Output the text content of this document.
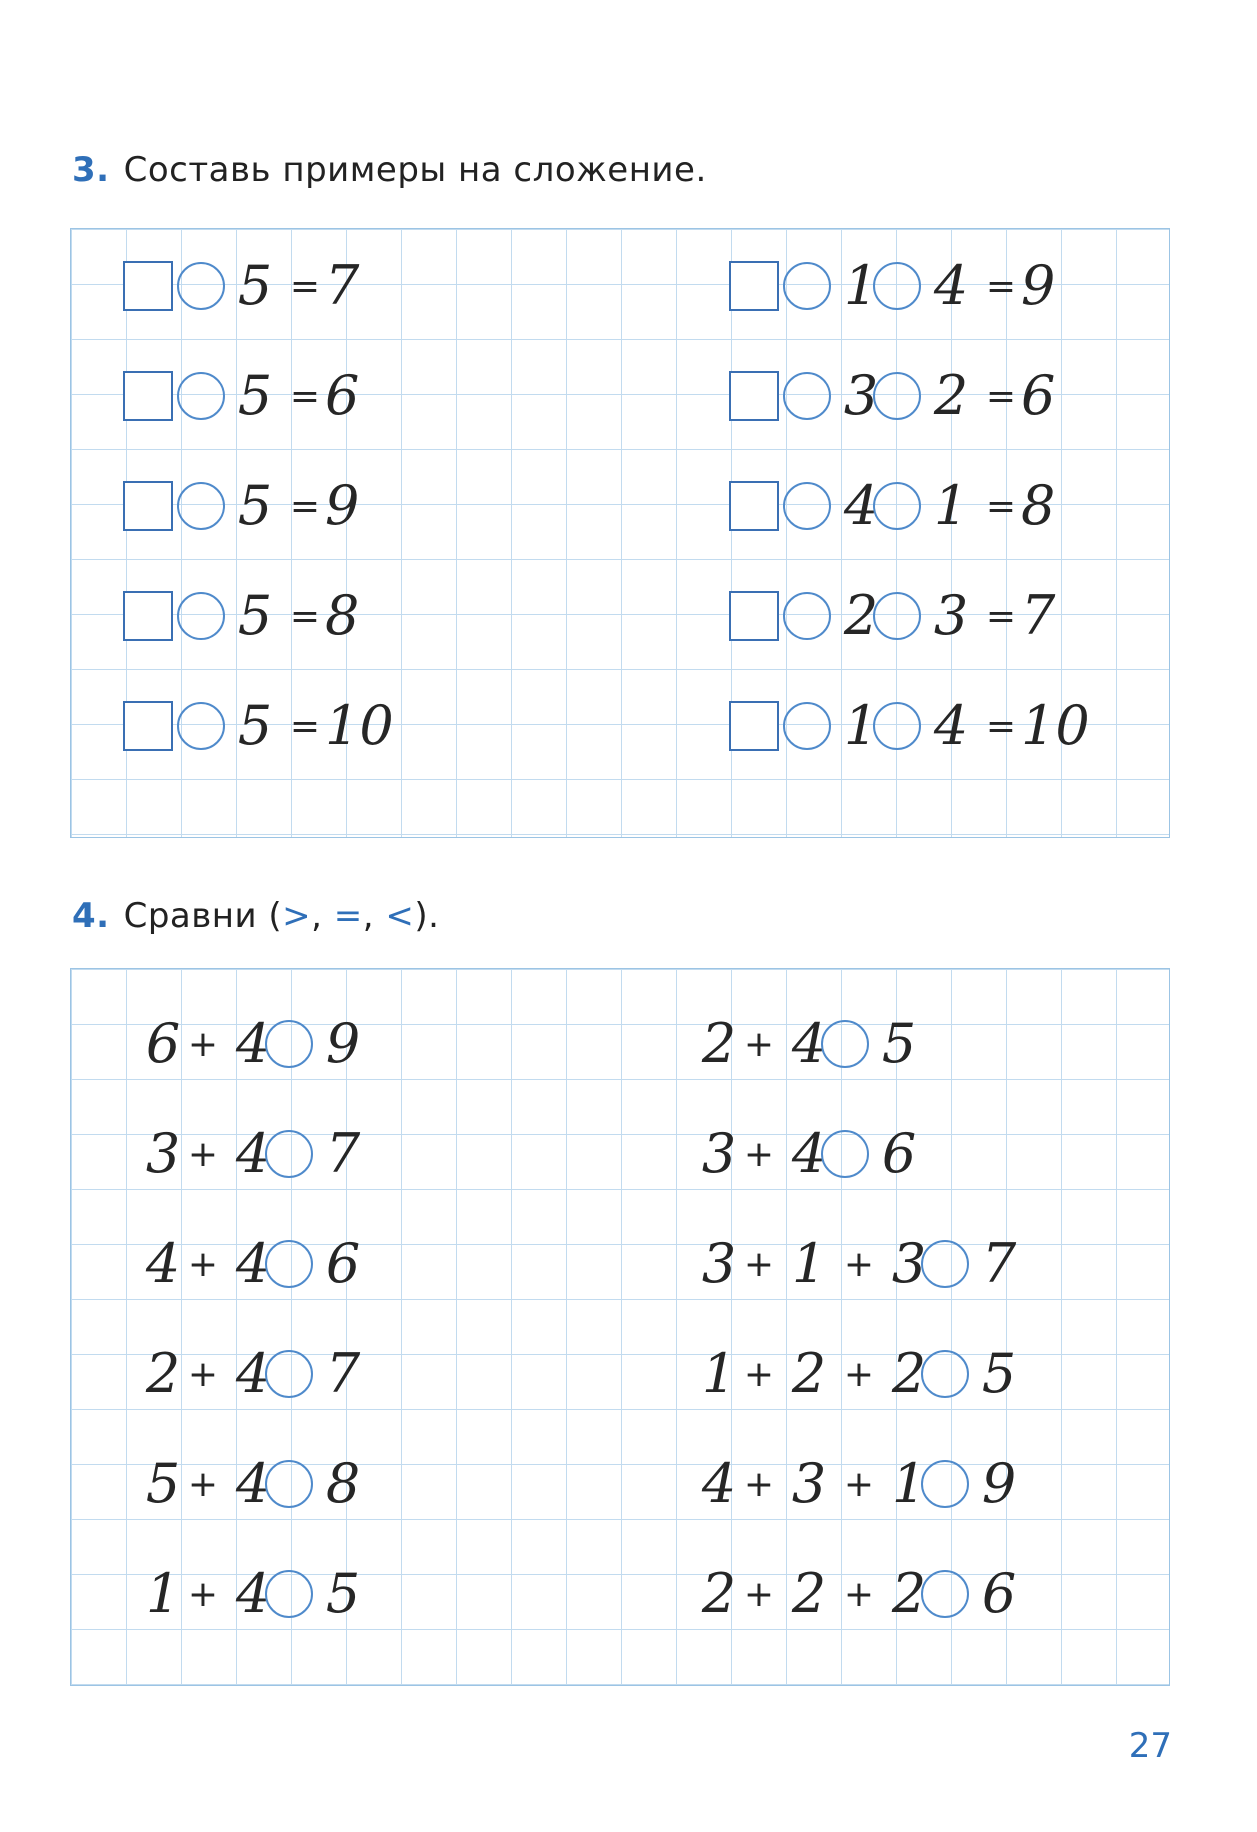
3. Составь примеры на сложение.
5 = 7
5 = 6
5 = 9
5 = 8
5 = 10
1 4 = 9
3 2 = 6
4 1 = 8
2 3 = 7
1 4 = 10
4. Сравни (>, =, <).
6 + 4 9
3 + 4 7
4 + 4 6
2 + 4 7
5 + 4 8
1 + 4 5
2 + 4 5
3 + 4 6
3 + 1 + 3 7
1 + 2 + 2 5
4 + 3 + 1 9
2 + 2 + 2 6
27
